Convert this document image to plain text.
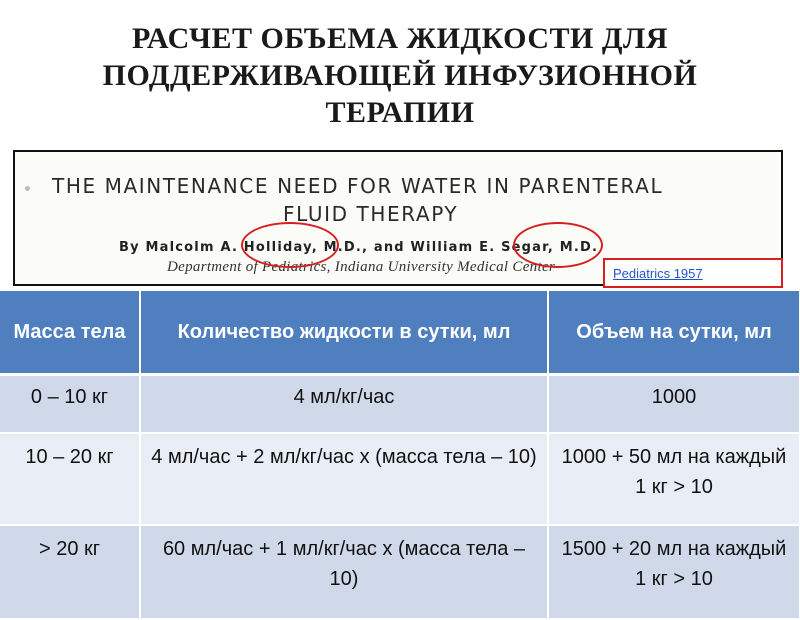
РАСЧЕТ ОБЪЕМА ЖИДКОСТИ ДЛЯ
ПОДДЕРЖИВАЮЩЕЙ ИНФУЗИОННОЙ
ТЕРАПИИ
THE MAINTENANCE NEED FOR WATER IN PARENTERAL
FLUID THERAPY
By Malcolm A. Holliday, M.D., and William E. Segar, M.D.
Department of Pediatrics, Indiana University Medical Center	Pediatrics 1957
Масса тела	Количество жидкости в сутки, мл	Объем на сутки, мл
0 – 10 кг	4 мл/кг/час	1000
10 – 20 кг	4 мл/час + 2 мл/кг/час х (масса тела – 10)	1000 + 50 мл на каждый 1 кг > 10
> 20 кг	60 мл/час + 1 мл/кг/час х (масса тела – 10)	1500 + 20 мл на каждый 1 кг > 10
